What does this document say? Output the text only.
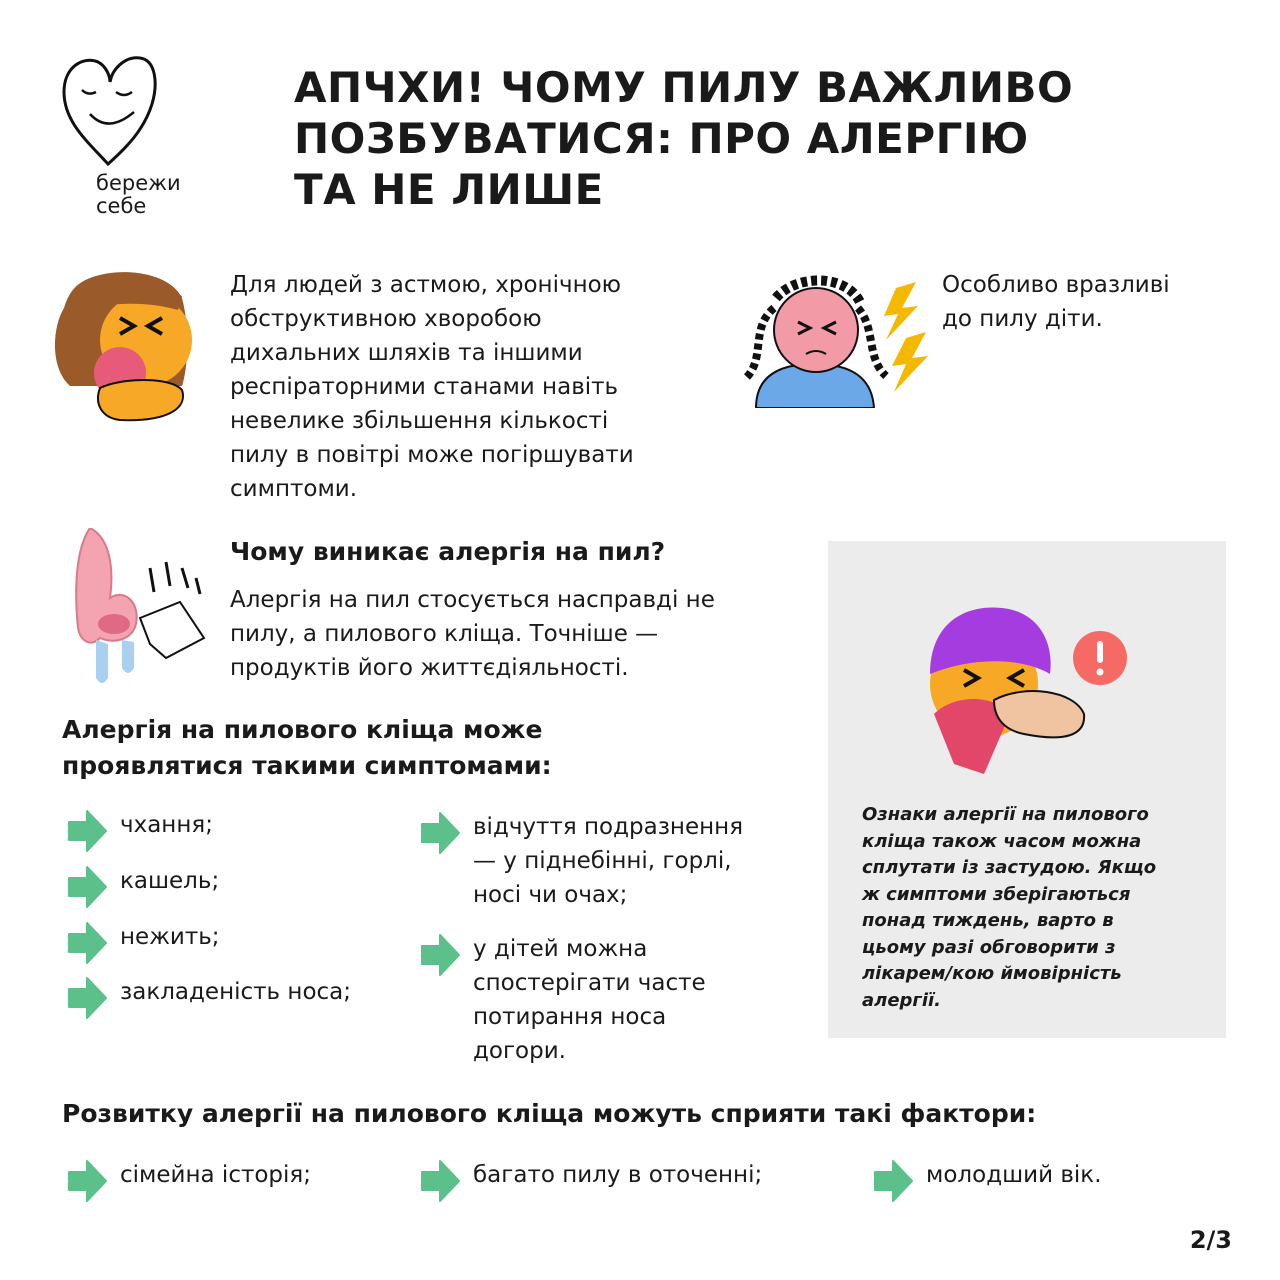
бережи
себе
АПЧХИ! ЧОМУ ПИЛУ ВАЖЛИВО
ПОЗБУВАТИСЯ: ПРО АЛЕРГІЮ
ТА НЕ ЛИШЕ
Для людей з астмою, хронічною
обструктивною хворобою
дихальних шляхів та іншими
респіраторними станами навіть
невелике збільшення кількості
пилу в повітрі може погіршувати
симптоми.
Особливо вразливі
до пилу діти.
Чому виникає алергія на пил?
Алергія на пил стосується насправді не
пилу, а пилового кліща. Точніше —
продуктів його життєдіяльності.
Ознаки алергії на пилового
кліща також часом можна
сплутати із застудою. Якщо
ж симптоми зберігаються
понад тиждень, варто в
цьому разі обговорити з
лікарем/кою ймовірність
алергії.
Алергія на пилового кліща може
проявлятися такими симптомами:
чхання;
кашель;
нежить;
закладеність носа;
відчуття подразнення
— у піднебінні, горлі,
носі чи очах;
у дітей можна
спостерігати часте
потирання носа
догори.
Розвитку алергії на пилового кліща можуть сприяти такі фактори:
сімейна історія;	багато пилу в оточенні;	молодший вік.
2/3
